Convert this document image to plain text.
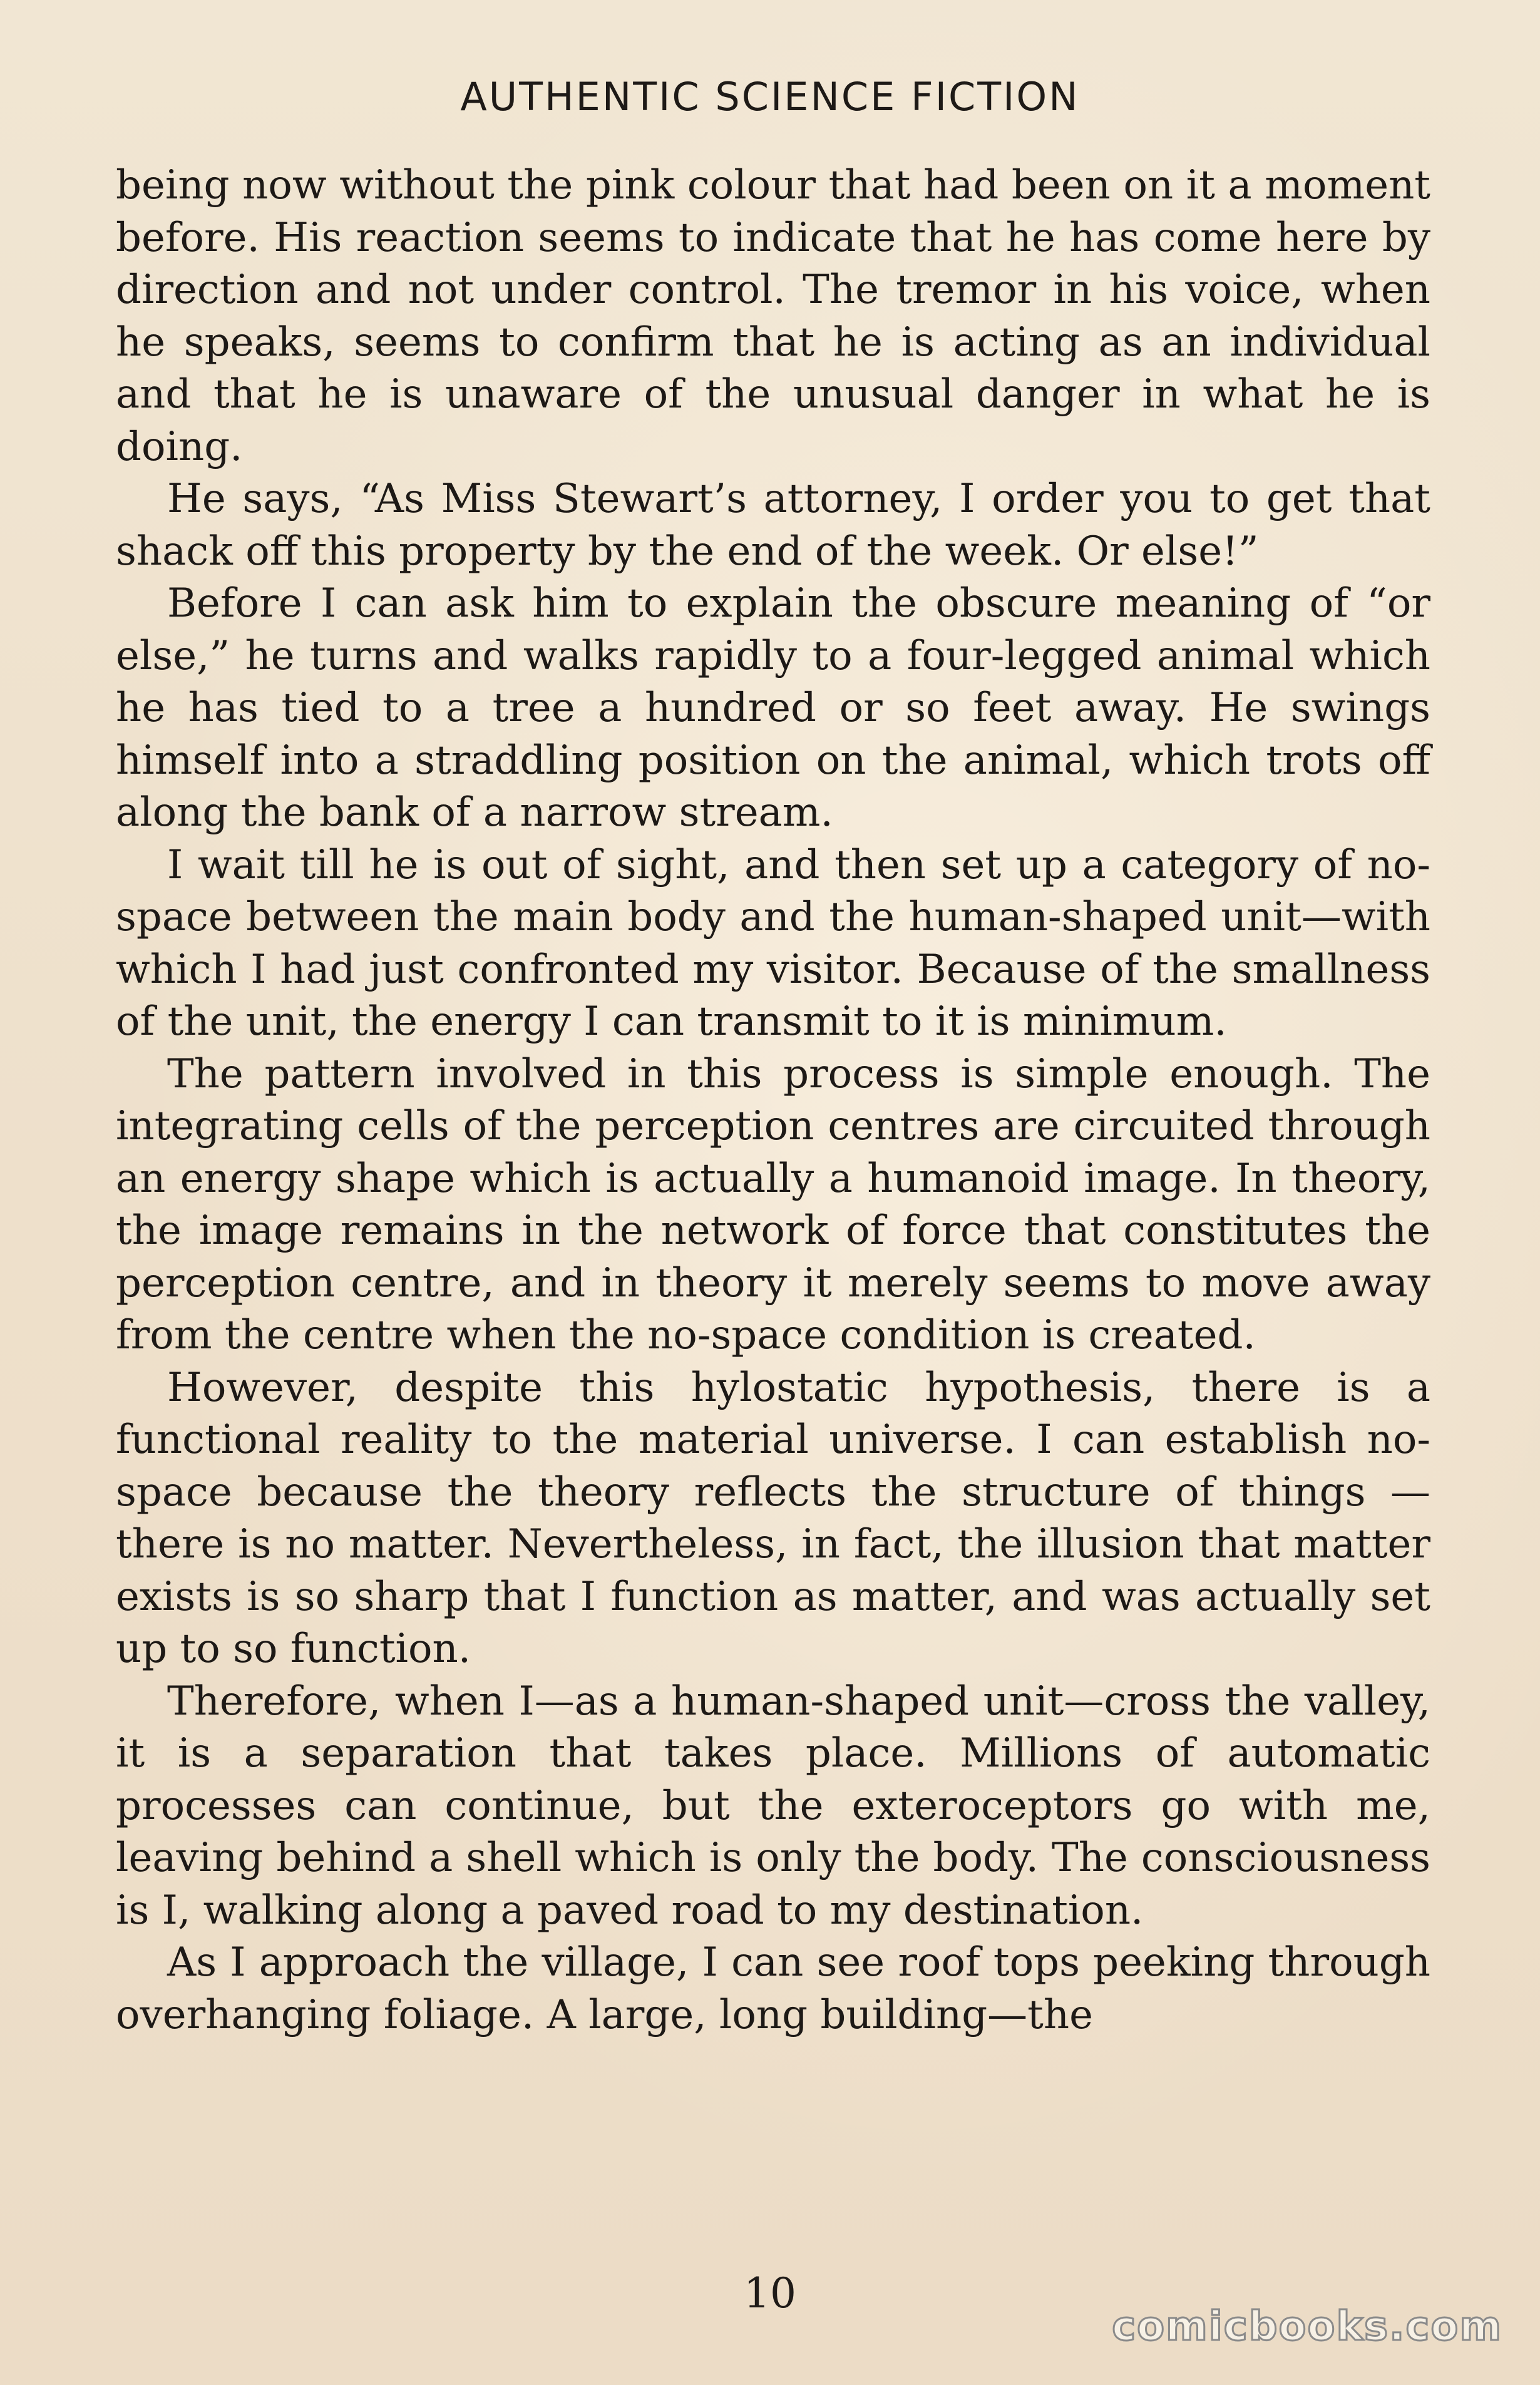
AUTHENTIC SCIENCE FICTION

being now without the pink colour that had been on it a moment before. His reaction seems to indicate that he has come here by direction and not under control. The tremor in his voice, when he speaks, seems to confirm that he is acting as an individual and that he is unaware of the unusual danger in what he is doing.

He says, “As Miss Stewart’s attorney, I order you to get that shack off this property by the end of the week. Or else!”

Before I can ask him to explain the obscure meaning of “or else,” he turns and walks rapidly to a four-legged animal which he has tied to a tree a hundred or so feet away. He swings himself into a straddling position on the animal, which trots off along the bank of a narrow stream.

I wait till he is out of sight, and then set up a category of no-space between the main body and the human-shaped unit—with which I had just confronted my visitor. Because of the smallness of the unit, the energy I can transmit to it is minimum.

The pattern involved in this process is simple enough. The integrating cells of the perception centres are circuited through an energy shape which is actually a humanoid image. In theory, the image remains in the network of force that constitutes the perception centre, and in theory it merely seems to move away from the centre when the no-space condition is created.

However, despite this hylostatic hypothesis, there is a functional reality to the material universe. I can establish no-space because the theory reflects the structure of things —there is no matter. Nevertheless, in fact, the illusion that matter exists is so sharp that I function as matter, and was actually set up to so function.

Therefore, when I—as a human-shaped unit—cross the valley, it is a separation that takes place. Millions of automatic processes can continue, but the exteroceptors go with me, leaving behind a shell which is only the body. The consciousness is I, walking along a paved road to my destination.

As I approach the village, I can see roof tops peeking through overhanging foliage. A large, long building—the

10
comicbooks.com
